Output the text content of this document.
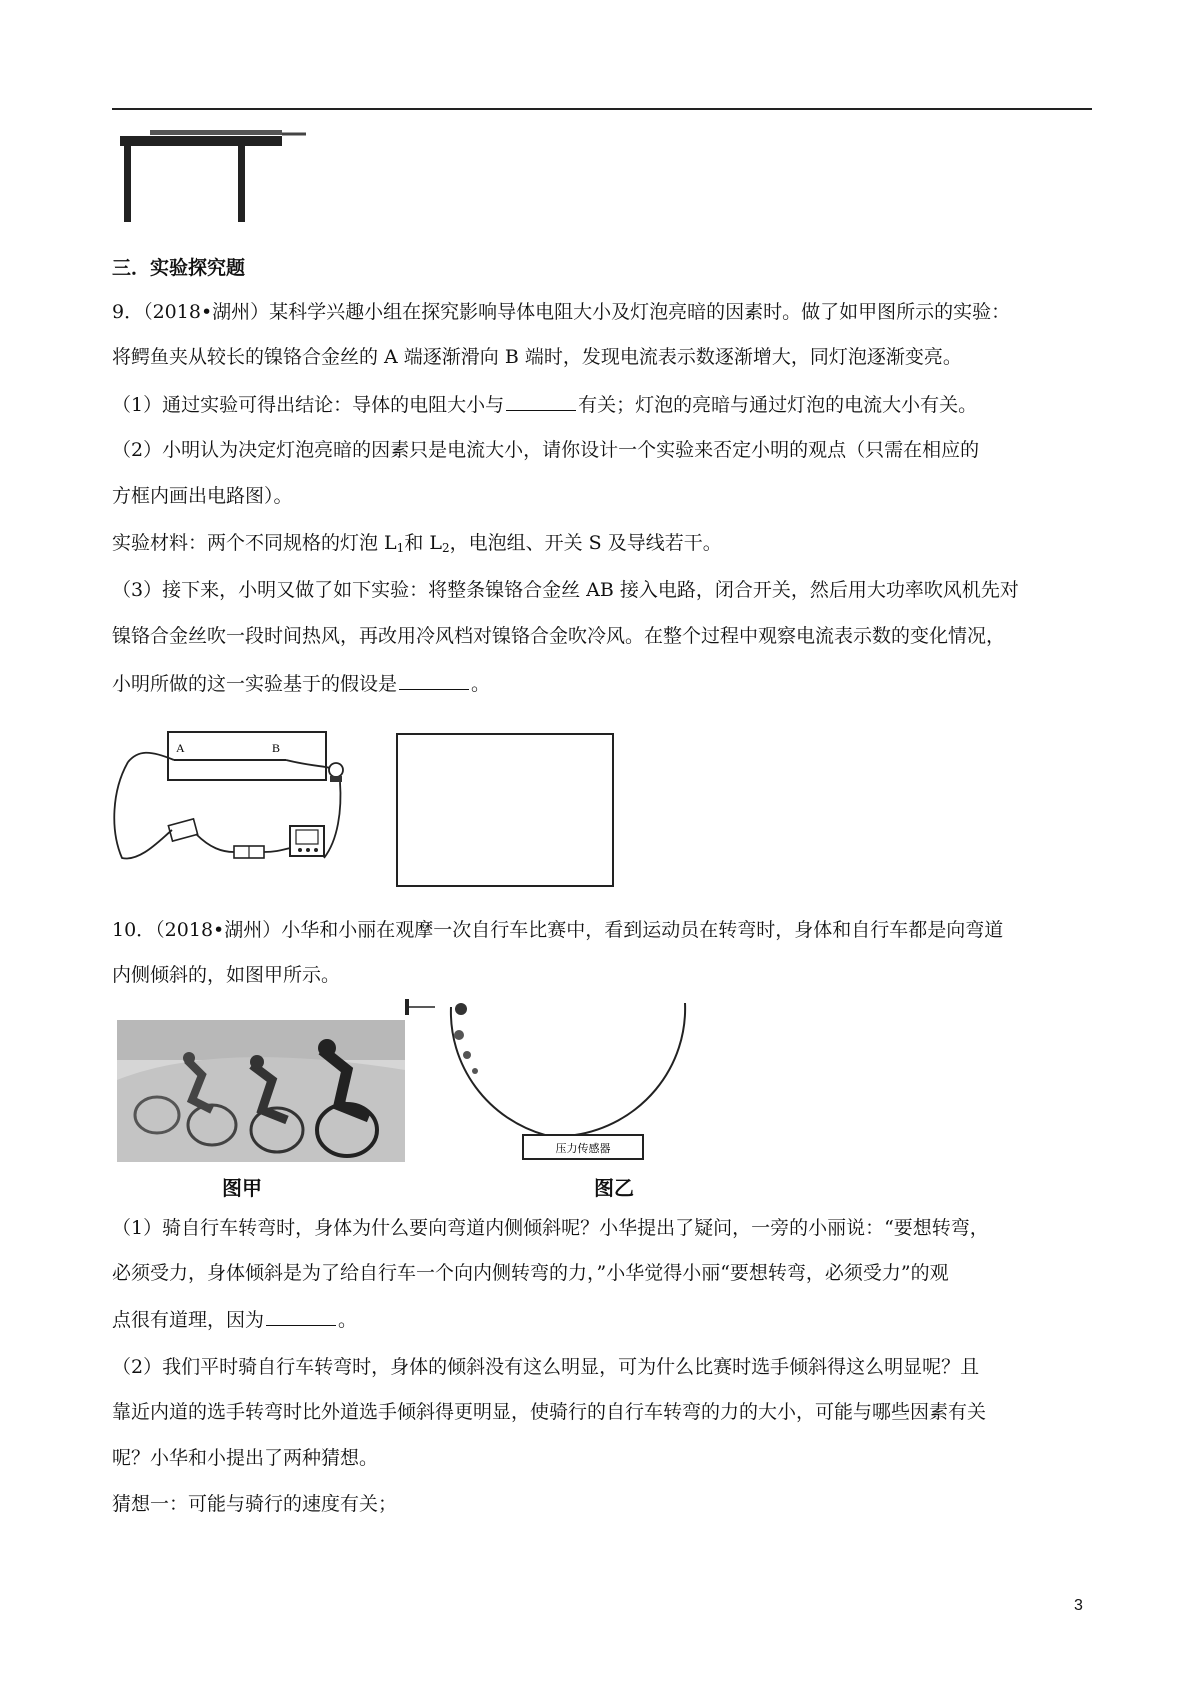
三．实验探究题
9．（2018•湖州）某科学兴趣小组在探究影响导体电阻大小及灯泡亮暗的因素时。做了如甲图所示的实验：
将鳄鱼夹从较长的镍铬合金丝的 A 端逐渐滑向 B 端时，发现电流表示数逐渐增大，同灯泡逐渐变亮。
（1）通过实验可得出结论：导体的电阻大小与	有关；灯泡的亮暗与通过灯泡的电流大小有关。
（2）小明认为决定灯泡亮暗的因素只是电流大小，请你设计一个实验来否定小明的观点（只需在相应的
方框内画出电路图）。
实验材料：两个不同规格的灯泡 $L_1$和 $L_2$，电泡组、开关 S 及导线若干。
（3）接下来，小明又做了如下实验：将整条镍铬合金丝 AB 接入电路，闭合开关，然后用大功率吹风机先对
镍铬合金丝吹一段时间热风，再改用冷风档对镍铬合金吹冷风。在整个过程中观察电流表示数的变化情况，
小明所做的这一实验基于的假设是	。
A	B
10．（2018•湖州）小华和小丽在观摩一次自行车比赛中，看到运动员在转弯时，身体和自行车都是向弯道
内侧倾斜的，如图甲所示。
压力传感器
图甲	图乙
（1）骑自行车转弯时，身体为什么要向弯道内侧倾斜呢？小华提出了疑问，一旁的小丽说：“要想转弯，
必须受力，身体倾斜是为了给自行车一个向内侧转弯的力，”小华觉得小丽“要想转弯，必须受力”的观
点很有道理，因为	。
（2）我们平时骑自行车转弯时，身体的倾斜没有这么明显，可为什么比赛时选手倾斜得这么明显呢？且
靠近内道的选手转弯时比外道选手倾斜得更明显，使骑行的自行车转弯的力的大小，可能与哪些因素有关
呢？小华和小提出了两种猜想。
猜想一：可能与骑行的速度有关；
3
